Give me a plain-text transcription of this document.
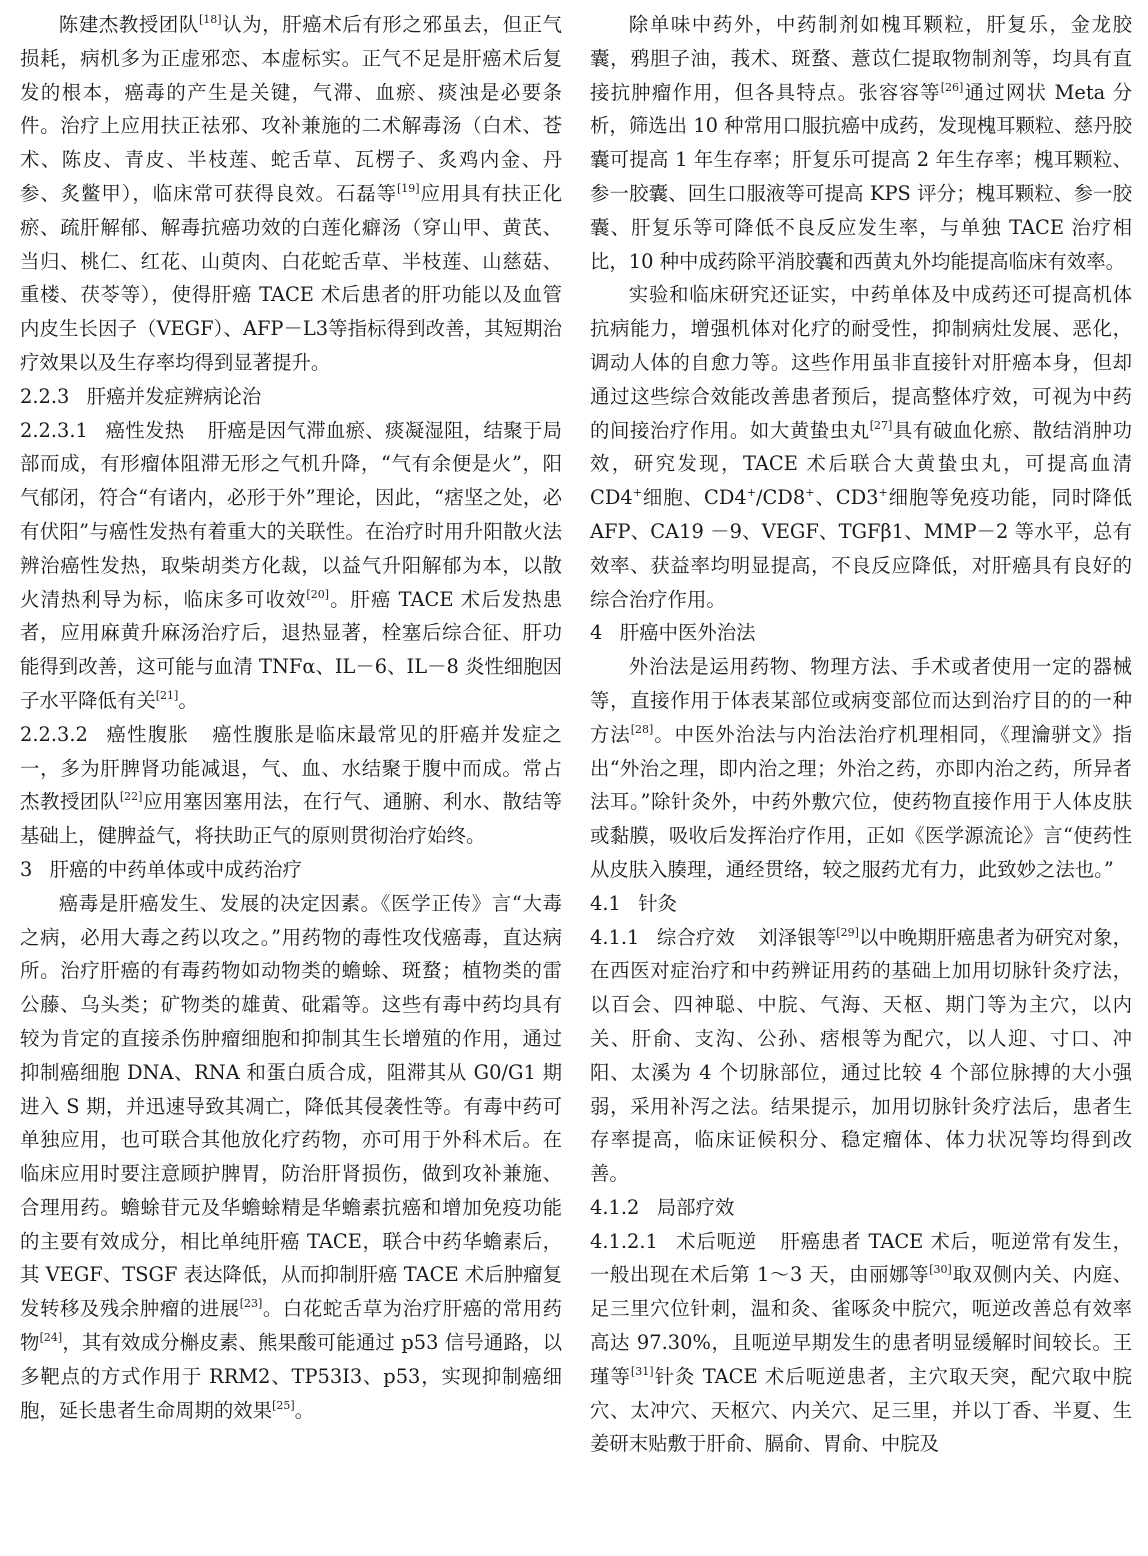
陈建杰教授团队[18]认为，肝癌术后有形之邪虽去，但正气损耗，病机多为正虚邪恋、本虚标实。正气不足是肝癌术后复发的根本，癌毒的产生是关键，气滞、血瘀、痰浊是必要条件。治疗上应用扶正祛邪、攻补兼施的二术解毒汤（白术、苍术、陈皮、青皮、半枝莲、蛇舌草、瓦楞子、炙鸡内金、丹参、炙鳖甲），临床常可获得良效。石磊等[19]应用具有扶正化瘀、疏肝解郁、解毒抗癌功效的白莲化癖汤（穿山甲、黄芪、当归、桃仁、红花、山萸肉、白花蛇舌草、半枝莲、山慈菇、重楼、茯苓等），使得肝癌 TACE 术后患者的肝功能以及血管内皮生长因子（VEGF）、AFP－L3等指标得到改善，其短期治疗效果以及生存率均得到显著提升。

2.2.3 肝癌并发症辨病论治

2.2.3.1 癌性发热 肝癌是因气滞血瘀、痰凝湿阻，结聚于局部而成，有形瘤体阻滞无形之气机升降，“气有余便是火”，阳气郁闭，符合“有诸内，必形于外”理论，因此，“痞坚之处，必有伏阳”与癌性发热有着重大的关联性。在治疗时用升阳散火法辨治癌性发热，取柴胡类方化裁，以益气升阳解郁为本，以散火清热利导为标，临床多可收效[20]。肝癌 TACE 术后发热患者，应用麻黄升麻汤治疗后，退热显著，栓塞后综合征、肝功能得到改善，这可能与血清 TNFα、IL－6、IL－8 炎性细胞因子水平降低有关[21]。

2.2.3.2 癌性腹胀 癌性腹胀是临床最常见的肝癌并发症之一，多为肝脾肾功能减退，气、血、水结聚于腹中而成。常占杰教授团队[22]应用塞因塞用法，在行气、通腑、利水、散结等基础上，健脾益气，将扶助正气的原则贯彻治疗始终。

3 肝癌的中药单体或中成药治疗

癌毒是肝癌发生、发展的决定因素。《医学正传》言“大毒之病，必用大毒之药以攻之。”用药物的毒性攻伐癌毒，直达病所。治疗肝癌的有毒药物如动物类的蟾蜍、斑蝥；植物类的雷公藤、乌头类；矿物类的雄黄、砒霜等。这些有毒中药均具有较为肯定的直接杀伤肿瘤细胞和抑制其生长增殖的作用，通过抑制癌细胞 DNA、RNA 和蛋白质合成，阻滞其从 G0/G1 期进入 S 期，并迅速导致其凋亡，降低其侵袭性等。有毒中药可单独应用，也可联合其他放化疗药物，亦可用于外科术后。在临床应用时要注意顾护脾胃，防治肝肾损伤，做到攻补兼施、合理用药。蟾蜍苷元及华蟾蜍精是华蟾素抗癌和增加免疫功能的主要有效成分，相比单纯肝癌 TACE，联合中药华蟾素后，其 VEGF、TSGF 表达降低，从而抑制肝癌 TACE 术后肿瘤复发转移及残余肿瘤的进展[23]。白花蛇舌草为治疗肝癌的常用药物[24]，其有效成分槲皮素、熊果酸可能通过 p53 信号通路，以多靶点的方式作用于 RRM2、TP53I3、p53，实现抑制癌细胞，延长患者生命周期的效果[25]。

除单味中药外，中药制剂如槐耳颗粒，肝复乐，金龙胶囊，鸦胆子油，莪术、斑蝥、薏苡仁提取物制剂等，均具有直接抗肿瘤作用，但各具特点。张容容等[26]通过网状 Meta 分析，筛选出 10 种常用口服抗癌中成药，发现槐耳颗粒、慈丹胶囊可提高 1 年生存率；肝复乐可提高 2 年生存率；槐耳颗粒、参一胶囊、回生口服液等可提高 KPS 评分；槐耳颗粒、参一胶囊、肝复乐等可降低不良反应发生率，与单独 TACE 治疗相比，10 种中成药除平消胶囊和西黄丸外均能提高临床有效率。

实验和临床研究还证实，中药单体及中成药还可提高机体抗病能力，增强机体对化疗的耐受性，抑制病灶发展、恶化，调动人体的自愈力等。这些作用虽非直接针对肝癌本身，但却通过这些综合效能改善患者预后，提高整体疗效，可视为中药的间接治疗作用。如大黄蛰虫丸[27]具有破血化瘀、散结消肿功效，研究发现，TACE 术后联合大黄蛰虫丸，可提高血清 CD4+细胞、CD4+/CD8+、CD3+细胞等免疫功能，同时降低 AFP、CA19 －9、VEGF、TGFβ1、MMP－2 等水平，总有效率、获益率均明显提高，不良反应降低，对肝癌具有良好的综合治疗作用。

4 肝癌中医外治法

外治法是运用药物、物理方法、手术或者使用一定的器械等，直接作用于体表某部位或病变部位而达到治疗目的的一种方法[28]。中医外治法与内治法治疗机理相同，《理瀹骈文》指出“外治之理，即内治之理；外治之药，亦即内治之药，所异者法耳。”除针灸外，中药外敷穴位，使药物直接作用于人体皮肤或黏膜，吸收后发挥治疗作用，正如《医学源流论》言“使药性从皮肤入腠理，通经贯络，较之服药尤有力，此致妙之法也。”

4.1 针灸

4.1.1 综合疗效 刘泽银等[29]以中晚期肝癌患者为研究对象，在西医对症治疗和中药辨证用药的基础上加用切脉针灸疗法，以百会、四神聪、中脘、气海、天枢、期门等为主穴，以内关、肝俞、支沟、公孙、痞根等为配穴，以人迎、寸口、冲阳、太溪为 4 个切脉部位，通过比较 4 个部位脉搏的大小强弱，采用补泻之法。结果提示，加用切脉针灸疗法后，患者生存率提高，临床证候积分、稳定瘤体、体力状况等均得到改善。

4.1.2 局部疗效

4.1.2.1 术后呃逆 肝癌患者 TACE 术后，呃逆常有发生，一般出现在术后第 1～3 天，由丽娜等[30]取双侧内关、内庭、足三里穴位针刺，温和灸、雀啄灸中脘穴，呃逆改善总有效率高达 97.30%，且呃逆早期发生的患者明显缓解时间较长。王瑾等[31]针灸 TACE 术后呃逆患者，主穴取天突，配穴取中脘穴、太冲穴、天枢穴、内关穴、足三里，并以丁香、半夏、生姜研末贴敷于肝俞、膈俞、胃俞、中脘及
